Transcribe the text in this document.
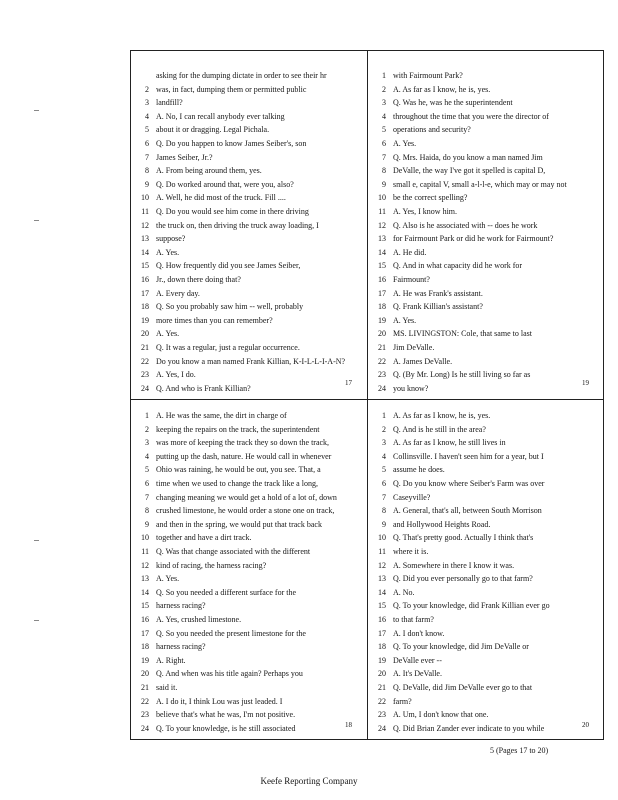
asking for the dumping dictate in order to see their hr
2 was, in fact, dumping them or permitted public
3 landfill?
4 A. No, I can recall anybody ever talking
5 about it or dragging. Legal Pichala.
6 Q. Do you happen to know James Seiber's, son
7 James Seiber, Jr.?
8 A. From being around them, yes.
9 Q. Do worked around that, were you, also?
10 A. Well, he did most of the truck. Fill ....
11 Q. Do you would see him come in there driving
12 the truck on, then driving the truck away loading, I
13 suppose?
14 A. Yes.
15 Q. How frequently did you see James Seiber,
16 Jr., down there doing that?
17 A. Every day.
18 Q. So you probably saw him -- well, probably
19 more times than you can remember?
20 A. Yes.
21 Q. It was a regular, just a regular occurrence.
22 Do you know a man named Frank Killian, K-I-L-L-I-A-N?
23 A. Yes, I do.
24 Q. And who is Frank Killian?
17
1 with Fairmount Park?
2 A. As far as I know, he is, yes.
3 Q. Was he, was he the superintendent
4 throughout the time that you were the director of
5 operations and security?
6 A. Yes.
7 Q. Mrs. Haida, do you know a man named Jim
8 DeValle, the way I've got it spelled is capital D,
9 small e, capital V, small a-l-l-e, which may or may not
10 be the correct spelling?
11 A. Yes, I know him.
12 Q. Also is he associated with -- does he work
13 for Fairmount Park or did he work for Fairmount?
14 A. He did.
15 Q. And in what capacity did he work for
16 Fairmount?
17 A. He was Frank's assistant.
18 Q. Frank Killian's assistant?
19 A. Yes.
20 MS. LIVINGSTON: Cole, that same to last
21 Jim DeValle.
22 A. James DeValle.
23 Q. (By Mr. Long) Is he still living so far as
24 you know?
19
1 A. He was the same, the dirt in charge of
2 keeping the repairs on the track, the superintendent
3 was more of keeping the track they so down the track,
4 putting up the dash, nature. He would call in whenever
5 Ohio was raining, he would be out, you see. That, a
6 time when we used to change the track like a long,
7 changing meaning we would get a hold of a lot of, down
8 crushed limestone, he would order a stone one on track,
9 and then in the spring, we would put that track back
10 together and have a dirt track.
11 Q. Was that change associated with the different
12 kind of racing, the harness racing?
13 A. Yes.
14 Q. So you needed a different surface for the
15 harness racing?
16 A. Yes, crushed limestone.
17 Q. So you needed the present limestone for the
18 harness racing?
19 A. Right.
20 Q. And when was his title again? Perhaps you
21 said it.
22 A. I do it, I think Lou was just leaded. I
23 believe that's what he was, I'm not positive.
24 Q. To your knowledge, is he still associated	18
1 A. As far as I know, he is, yes.
2 Q. And is he still in the area?
3 A. As far as I know, he still lives in
4 Collinsville. I haven't seen him for a year, but I
5 assume he does.
6 Q. Do you know where Seiber's Farm was over
7 Caseyville?
8 A. General, that's all, between South Morrison
9 and Hollywood Heights Road.
10 Q. That's pretty good. Actually I think that's
11 where it is.
12 A. Somewhere in there I know it was.
13 Q. Did you ever personally go to that farm?
14 A. No.
15 Q. To your knowledge, did Frank Killian ever go
16 to that farm?
17 A. I don't know.
18 Q. To your knowledge, did Jim DeValle or
19 DeValle ever --
20 A. It's DeValle.
21 Q. DeValle, did Jim DeValle ever go to that
22 farm?
23 A. Um, I don't know that one.
24 Q. Did Brian Zander ever indicate to you while	20
5 (Pages 17 to 20)
Keefe Reporting Company
